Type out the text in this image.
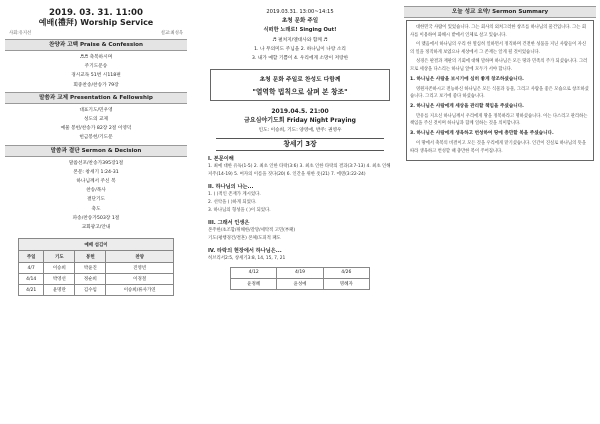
2019. 03. 31. 11:00
예배(禮拜) Worship Service
사회:유지선	설교:최성욱
찬양과 고백 Praise & Confession
♬♬ 축복하시며
주기도문송
경시교독 51번 시118편
회중찬송/찬송가 79장
말씀과 교제 Presentation & Fellowship
대표기도/민우영
성도의 교제
예물 봉헌/찬송가 82장 2절 이영덕
헌금봉헌/기도문
말씀과 결단 Sermon & Decision
말씀선포/찬송가395장1절
본문: 창세기 1:24-31
하나님께서 주신 복
찬송/목사
결단기도
축도
파송/찬송가503장 1절
교회광고/안내
예배 섬김이			
주일	기도	봉헌	찬양
4/7	이승희	박윤진	진영빈
4/14	박영선	정순희	이경철
4/21	윤명란	김수임	이승희/류사가연
2019.03.31. 13:00~14:15
초청 문화 주일
식떠한 노래로! Singing Out!
♬ 펼쳐지/엘대사와 함께 ♬
1. 나 무의미도 주님을 2. 하나님이 나랑 소리
3. 내가 예할 기쁨이 4. 우리에게 소망이 저랑한
초청 문화 주일로 찬성도 다함께
"열역학 법칙으로 살펴 본 창조"
2019.04.5. 21:00
금요심야기도회 Friday Night Praying
인도: 이승희, 기도: 양영애, 반주: 권영우
창세기 3장
I. 본문이해
1. 최예 대한 유독(1-5) 2. 최초 인한 타락(3:6) 3. 최초 인한 타락의 결과(3:7-13) 4. 최초 인해 저주(14-19) 5. 여자의 이름을 짓다(20) 6. 인간을 위한 옷(21) 7. 에덴(3:22-24)
II. 하나님의 나는...
1. ( )적인 존재가 계시었다.
2. 선악을 ( )하게 되었다.
3. 하나님의 형성을 ( )이 되었다.
III. 그래서 인생은
본주한/초조함/위해한/갈망/세탁적 고민(부패)
기도(평행경건/결혼) 본체/도피적 패도
IV. 타락의 현장에서 하나님은...
히브리서2:5, 창세기3:8, 14, 15, 7, 21
4/12	4/19	4/26
윤정혜	윤성예	명혜자
오늘 성교 요약/ Sermon Summary
대한민국 사람이 있었습니다. 그는 회사의 외쳐그러한 창조를 하나님의 물건입니다. 그는 회사를 이용하여 화해시 밭에서 인체로 살고 있습니다.
이 맺음에서 하나님의 우리 한 열심히 일하면서 정직하며 건전한 성품을 지닌 사람들이 자신의 일을 정직하게 보였으나 세상에서 그 존재는 알게 될 것이었습니다.
성경은 판결과 재판의 기회에 대해 말하며 하나님은 모든 땅과 민족의 주가 되셨습니다. 그러므로 세상을 다스리는 하나님 앞에 모두가 서야 합니다.
1. 하나님은 사람을 보시기에 심히 좋게 창조하셨습니다.
영원자존하시고 전능하신 하나님은 모든 식물과 동물, 그리고 사람을 좋은 모습으로 창조하셨습니다. 그리고 보기에 좋다 하셨습니다.
2. 하나님은 사람에게 세상을 관리할 책임을 주셨습니다.
만유를 지으신 하나님께서 우리에게 땅을 정복하라고 명하셨습니다. 이는 다스리고 관리하는 책임을 주신 것이며 하나님과 함께 일하는 것을 의미합니다.
3. 하나님은 사람에게 생육하고 번성하여 땅에 충만할 복을 주셨습니다.
이 땅에서 축복의 비결이고 모든 것을 우리에게 맡기셨습니다. 인간이 진실로 하나님의 뜻을 따라 생육하고 번성할 때 충만한 복이 주어집니다.
